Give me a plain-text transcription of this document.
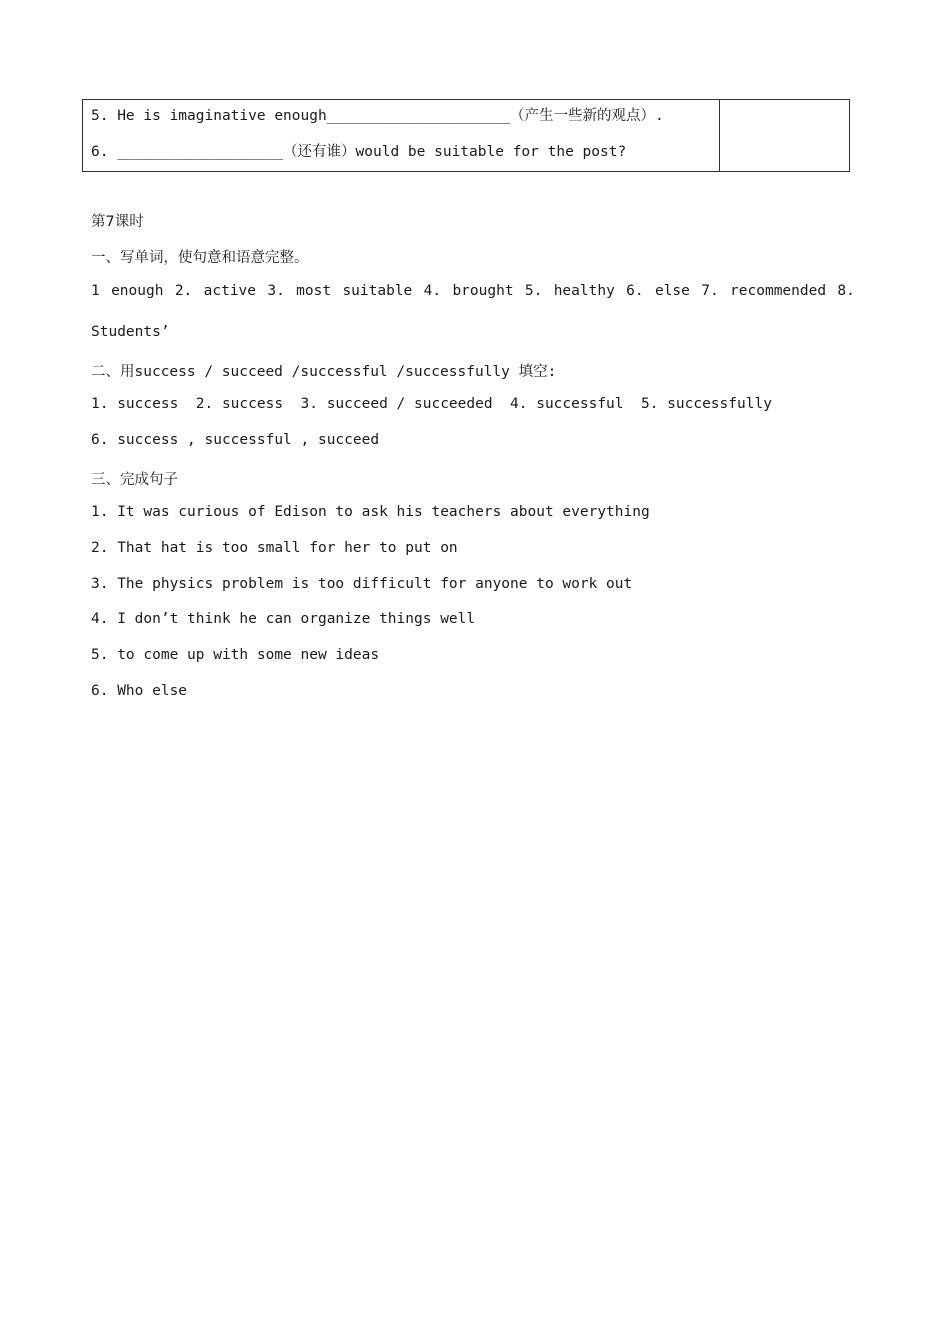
5. He is imaginative enough_____________________（产生一些新的观点）.
6. ___________________（还有谁）would be suitable for the post?
第7课时
一、写单词，使句意和语意完整。
1 enough 2. active 3. most suitable 4. brought 5. healthy 6. else 7. recommended 8.
Students’
二、用success / succeed /successful /successfully 填空:
1. success  2. success  3. succeed / succeeded  4. successful  5. successfully
6. success , successful , succeed
三、完成句子
1. It was curious of Edison to ask his teachers about everything
2. That hat is too small for her to put on
3. The physics problem is too difficult for anyone to work out
4. I don’t think he can organize things well
5. to come up with some new ideas
6. Who else
